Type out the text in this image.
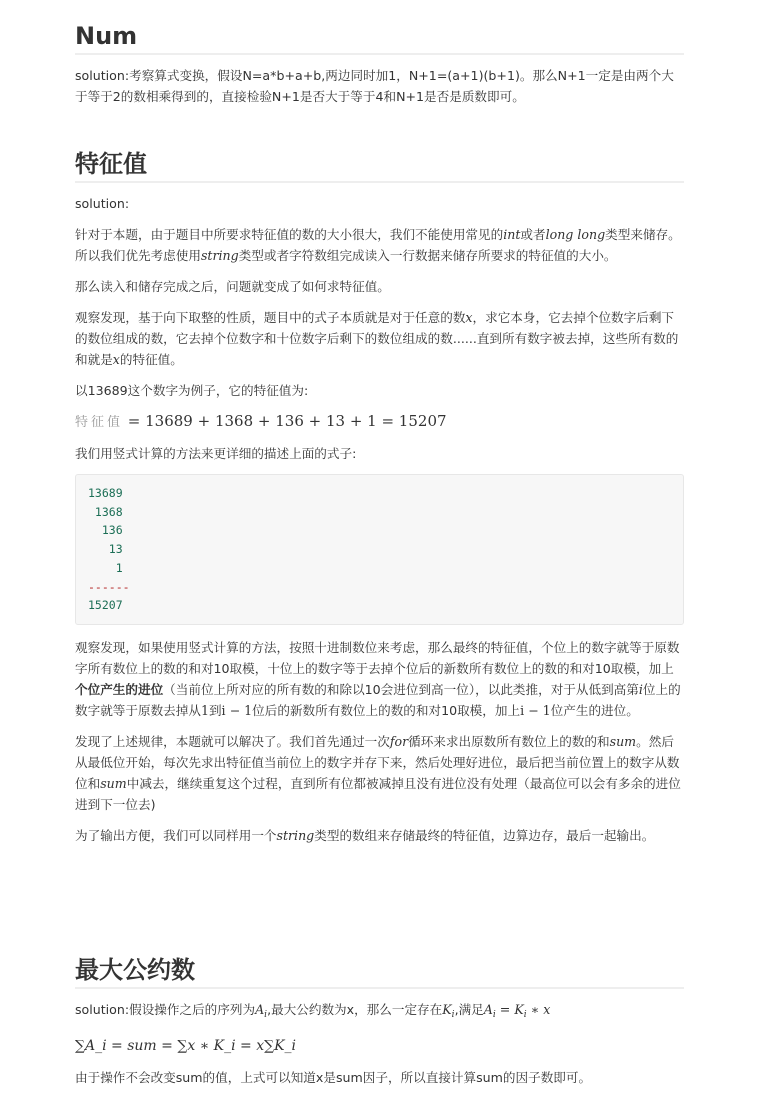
Num

solution:考察算式变换，假设N=a*b+a+b,两边同时加1，N+1=(a+1)(b+1)。那么N+1一定是由两个大于等于2的数相乘得到的，直接检验N+1是否大于等于4和N+1是否是质数即可。

特征值

solution:

针对于本题，由于题目中所要求特征值的数的大小很大，我们不能使用常见的int或者long long类型来储存。所以我们优先考虑使用string类型或者字符数组完成读入一行数据来储存所要求的特征值的大小。

那么读入和储存完成之后，问题就变成了如何求特征值。

观察发现，基于向下取整的性质，题目中的式子本质就是对于任意的数x，求它本身，它去掉个位数字后剩下的数位组成的数，它去掉个位数字和十位数字后剩下的数位组成的数......直到所有数字被去掉，这些所有数的和就是x的特征值。

以13689这个数字为例子，它的特征值为:

特征值 = 13689 + 1368 + 136 + 13 + 1 = 15207

我们用竖式计算的方法来更详细的描述上面的式子:

13689
1368
136
13
1
------
15207

观察发现，如果使用竖式计算的方法，按照十进制数位来考虑，那么最终的特征值，个位上的数字就等于原数字所有数位上的数的和对10取模，十位上的数字等于去掉个位后的新数所有数位上的数的和对10取模，加上个位产生的进位（当前位上所对应的所有数的和除以10会进位到高一位），以此类推，对于从低到高第i位上的数字就等于原数去掉从1到i − 1位后的新数所有数位上的数的和对10取模，加上i − 1位产生的进位。

发现了上述规律，本题就可以解决了。我们首先通过一次for循环来求出原数所有数位上的数的和sum。然后从最低位开始，每次先求出特征值当前位上的数字并存下来，然后处理好进位，最后把当前位置上的数字从数位和sum中减去，继续重复这个过程，直到所有位都被减掉且没有进位没有处理（最高位可以会有多余的进位进到下一位去)

为了输出方便，我们可以同样用一个string类型的数组来存储最终的特征值，边算边存，最后一起输出。

最大公约数

solution:假设操作之后的序列为$A_i$,最大公约数为x，那么一定存在$K_i$,满足$A_i = K_i$ ∗ x

∑A_i = sum = ∑x ∗ K_i = x∑K_i

由于操作不会改变sum的值，上式可以知道x是sum因子，所以直接计算sum的因子数即可。
